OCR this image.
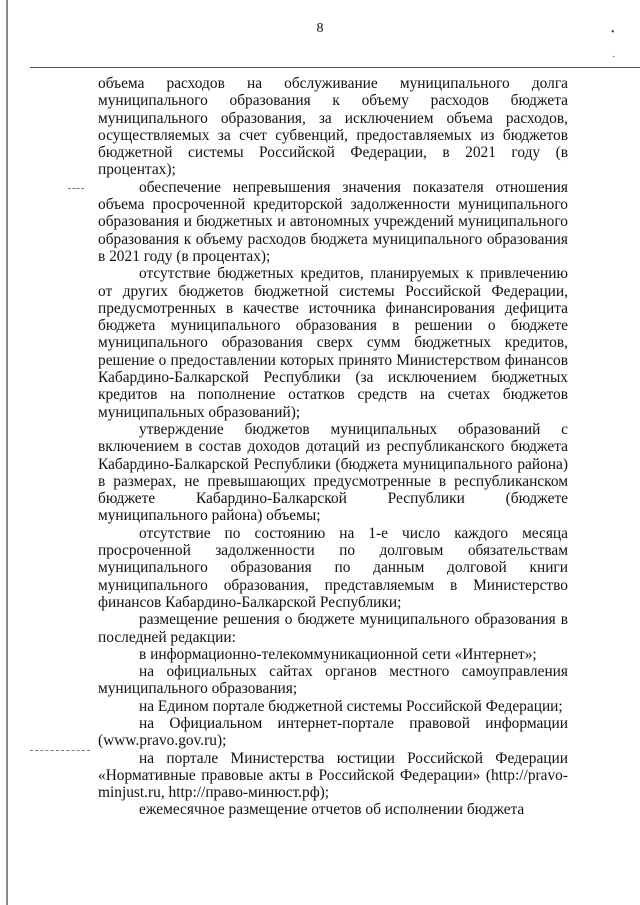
8	•
·

объема расходов на обслуживание муниципального долга муниципального образования к объему расходов бюджета муниципального образования, за исключением объема расходов, осуществляемых за счет субвенций, предоставляемых из бюджетов бюджетной системы Российской Федерации, в 2021 году (в процентах);

обеспечение непревышения значения показателя отношения объема просроченной кредиторской задолженности муниципального образования и бюджетных и автономных учреждений муниципального образования к объему расходов бюджета муниципального образования в 2021 году (в процентах);

отсутствие бюджетных кредитов, планируемых к привлечению от других бюджетов бюджетной системы Российской Федерации, предусмотренных в качестве источника финансирования дефицита бюджета муниципального образования в решении о бюджете муниципального образования сверх сумм бюджетных кредитов, решение о предоставлении которых принято Министерством финансов Кабардино-Балкарской Республики (за исключением бюджетных кредитов на пополнение остатков средств на счетах бюджетов муниципальных образований);

утверждение бюджетов муниципальных образований с включением в состав доходов дотаций из республиканского бюджета Кабардино-Балкарской Республики (бюджета муниципального района) в размерах, не превышающих предусмотренные в республиканском бюджете Кабардино-Балкарской Республики (бюджете муниципального района) объемы;

отсутствие по состоянию на 1-е число каждого месяца просроченной задолженности по долговым обязательствам муниципального образования по данным долговой книги муниципального образования, представляемым в Министерство финансов Кабардино-Балкарской Республики;

размещение решения о бюджете муниципального образования в последней редакции:

в информационно-телекоммуникационной сети «Интернет»;

на официальных сайтах органов местного самоуправления муниципального образования;

на Едином портале бюджетной системы Российской Федерации;

на Официальном интернет-портале правовой информации (www.pravo.gov.ru);

на портале Министерства юстиции Российской Федерации «Нормативные правовые акты в Российской Федерации» (http://pravo-minjust.ru, http://право-минюст.рф);

ежемесячное размещение отчетов об исполнении бюджета
